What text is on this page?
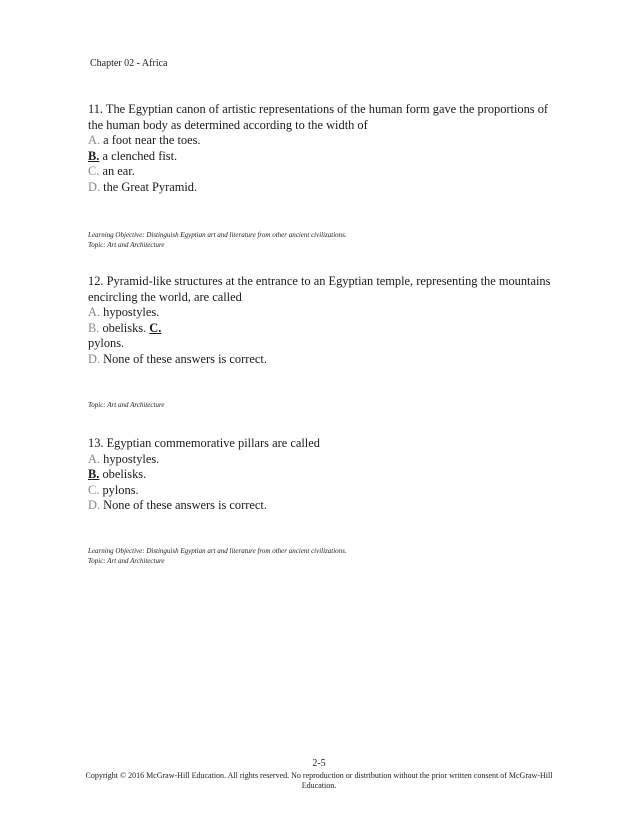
Chapter 02 - Africa

11. The Egyptian canon of artistic representations of the human form gave the proportions of the human body as determined according to the width of

A. a foot near the toes.

B. a clenched fist.

C. an ear.

D. the Great Pyramid.

Learning Objective: Distinguish Egyptian art and literature from other ancient civilizations.

Topic: Art and Architecture

12. Pyramid-like structures at the entrance to an Egyptian temple, representing the mountains encircling the world, are called

A. hypostyles.

B. obelisks. C.

pylons.

D. None of these answers is correct.

Topic: Art and Architecture

13. Egyptian commemorative pillars are called

A. hypostyles.

B. obelisks.

C. pylons.

D. None of these answers is correct.

Learning Objective: Distinguish Egyptian art and literature from other ancient civilizations.

Topic: Art and Architecture

2-5
Copyright © 2016 McGraw-Hill Education. All rights reserved. No reproduction or distribution without the prior written consent of McGraw-Hill Education.
